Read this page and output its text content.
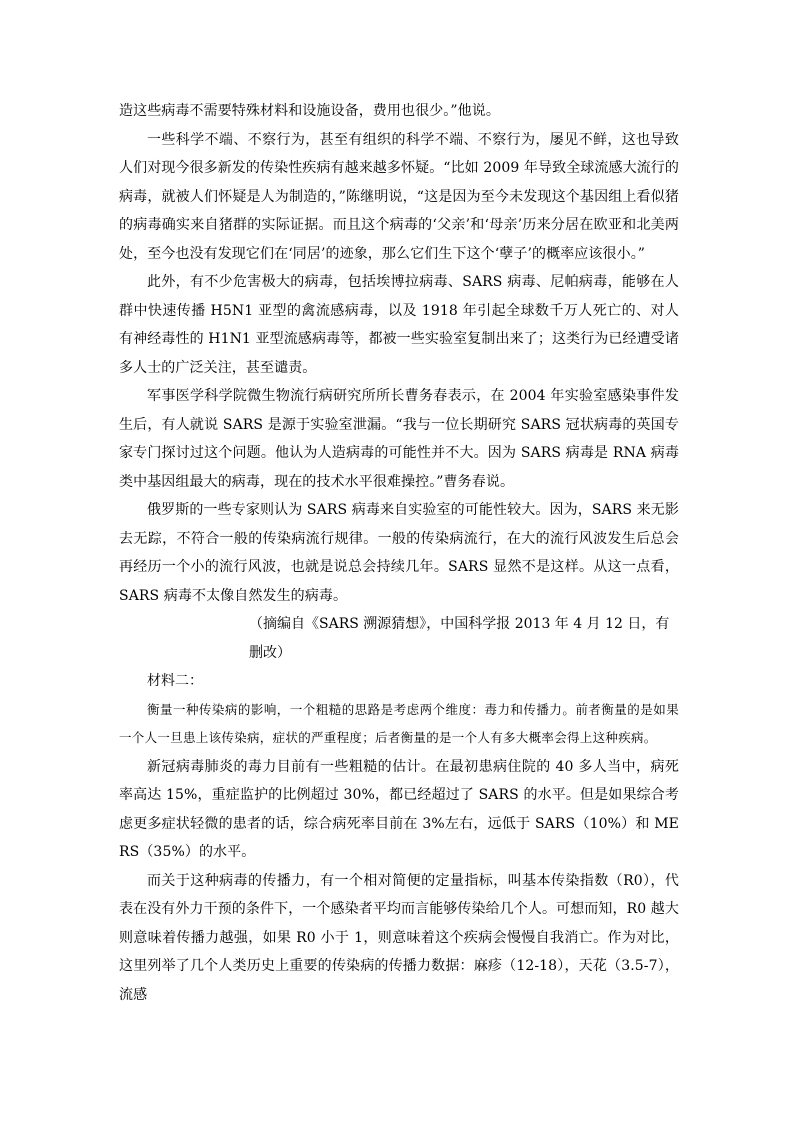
造这些病毒不需要特殊材料和设施设备，费用也很少。”他说。

一些科学不端、不察行为，甚至有组织的科学不端、不察行为，屡见不鲜，这也导致人们对现今很多新发的传染性疾病有越来越多怀疑。“比如 2009 年导致全球流感大流行的病毒，就被人们怀疑是人为制造的，”陈继明说，“这是因为至今未发现这个基因组上看似猪的病毒确实来自猪群的实际证据。而且这个病毒的‘父亲’和‘母亲’历来分居在欧亚和北美两处，至今也没有发现它们在‘同居’的迹象，那么它们生下这个‘孽子’的概率应该很小。”

此外，有不少危害极大的病毒，包括埃博拉病毒、SARS 病毒、尼帕病毒，能够在人群中快速传播 H5N1 亚型的禽流感病毒，以及 1918 年引起全球数千万人死亡的、对人有神经毒性的 H1N1 亚型流感病毒等，都被一些实验室复制出来了；这类行为已经遭受诸多人士的广泛关注，甚至谴责。

军事医学科学院微生物流行病研究所所长曹务春表示，在 2004 年实验室感染事件发生后，有人就说 SARS 是源于实验室泄漏。“我与一位长期研究 SARS 冠状病毒的英国专家专门探讨过这个问题。他认为人造病毒的可能性并不大。因为 SARS 病毒是 RNA 病毒类中基因组最大的病毒，现在的技术水平很难操控。”曹务春说。

俄罗斯的一些专家则认为 SARS 病毒来自实验室的可能性较大。因为，SARS 来无影去无踪，不符合一般的传染病流行规律。一般的传染病流行，在大的流行风波发生后总会再经历一个小的流行风波，也就是说总会持续几年。SARS 显然不是这样。从这一点看，SARS 病毒不太像自然发生的病毒。

（摘编自《SARS 溯源猜想》，中国科学报 2013 年 4 月 12 日，有删改）

材料二：

衡量一种传染病的影响，一个粗糙的思路是考虑两个维度：毒力和传播力。前者衡量的是如果一个人一旦患上该传染病，症状的严重程度；后者衡量的是一个人有多大概率会得上这种疾病。

新冠病毒肺炎的毒力目前有一些粗糙的估计。在最初患病住院的 40 多人当中，病死率高达 15%，重症监护的比例超过 30%，都已经超过了 SARS 的水平。但是如果综合考虑更多症状轻微的患者的话，综合病死率目前在 3%左右，远低于 SARS（10%）和 MERS（35%）的水平。

而关于这种病毒的传播力，有一个相对简便的定量指标，叫基本传染指数（R0），代表在没有外力干预的条件下，一个感染者平均而言能够传染给几个人。可想而知，R0 越大则意味着传播力越强，如果 R0 小于 1，则意味着这个疾病会慢慢自我消亡。作为对比，这里列举了几个人类历史上重要的传染病的传播力数据：麻疹（12-18），天花（3.5-7），流感
